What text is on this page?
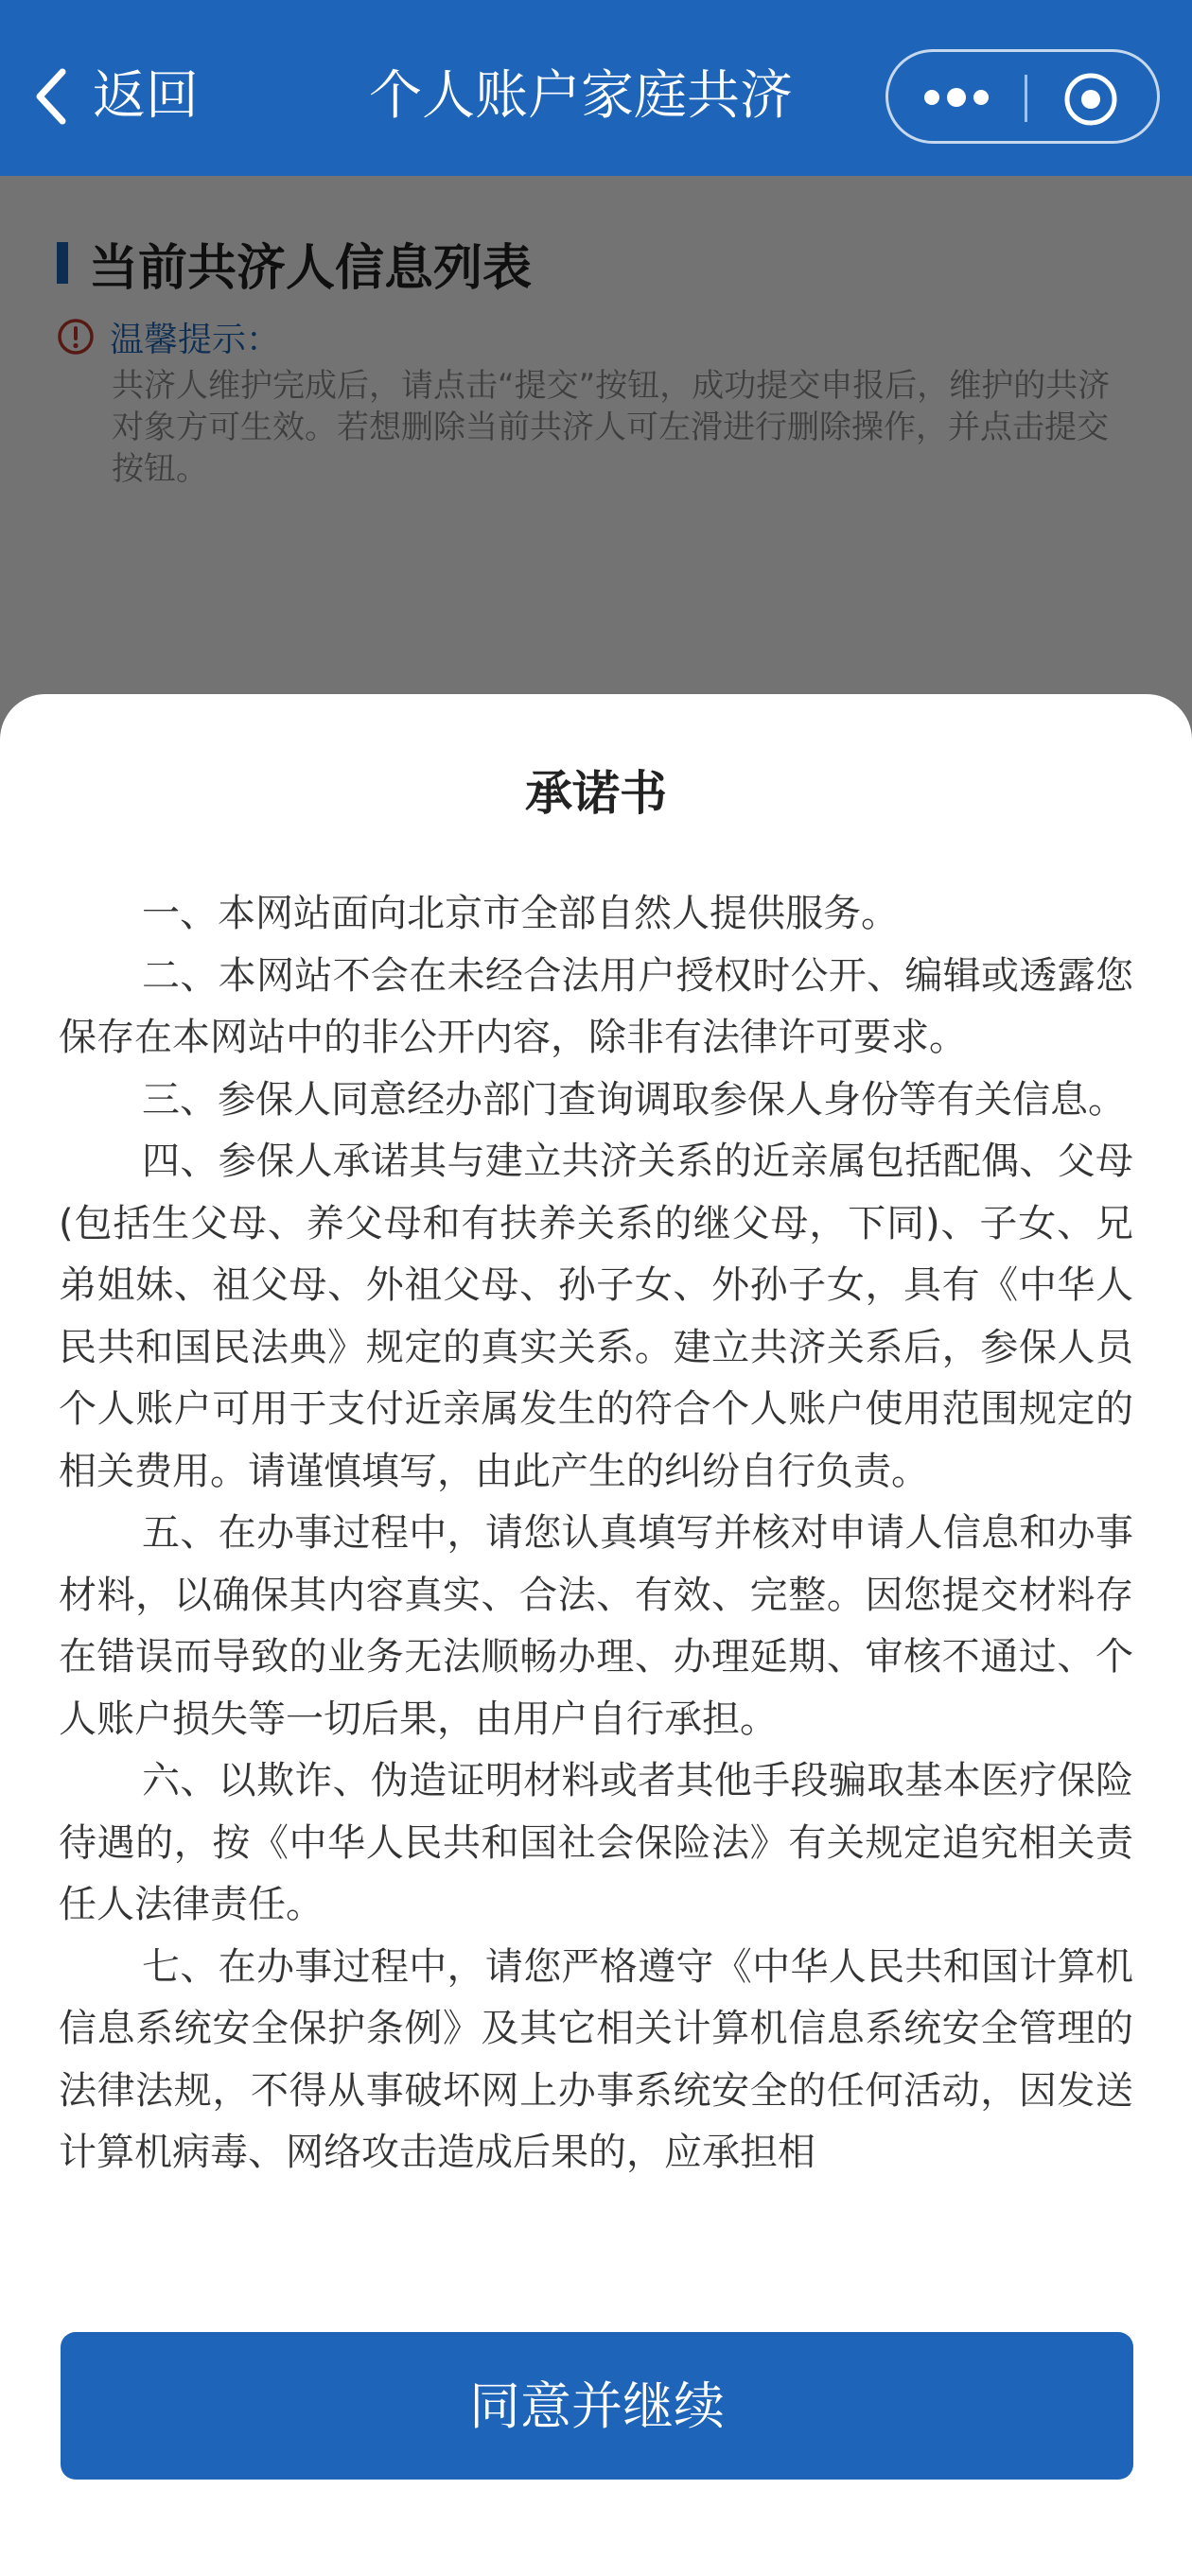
返回	个人账户家庭共济
承诺书

一、本网站面向北京市全部自然人提供服务。

二、本网站不会在未经合法用户授权时公开、编辑或透露您保存在本网站中的非公开内容，除非有法律许可要求。

三、参保人同意经办部门查询调取参保人身份等有关信息。

四、参保人承诺其与建立共济关系的近亲属包括配偶、父母(包括生父母、养父母和有扶养关系的继父母，下同)、子女、兄弟姐妹、祖父母、外祖父母、孙子女、外孙子女，具有《中华人民共和国民法典》规定的真实关系。建立共济关系后，参保人员个人账户可用于支付近亲属发生的符合个人账户使用范围规定的相关费用。请谨慎填写，由此产生的纠纷自行负责。

五、在办事过程中，请您认真填写并核对申请人信息和办事材料，以确保其内容真实、合法、有效、完整。因您提交材料存在错误而导致的业务无法顺畅办理、办理延期、审核不通过、个人账户损失等一切后果，由用户自行承担。

六、以欺诈、伪造证明材料或者其他手段骗取基本医疗保险待遇的，按《中华人民共和国社会保险法》有关规定追究相关责任人法律责任。

七、在办事过程中，请您严格遵守《中华人民共和国计算机信息系统安全保护条例》及其它相关计算机信息系统安全管理的法律法规，不得从事破坏网上办事系统安全的任何活动，因发送计算机病毒、网络攻击造成后果的，应承担相

同意并继续
